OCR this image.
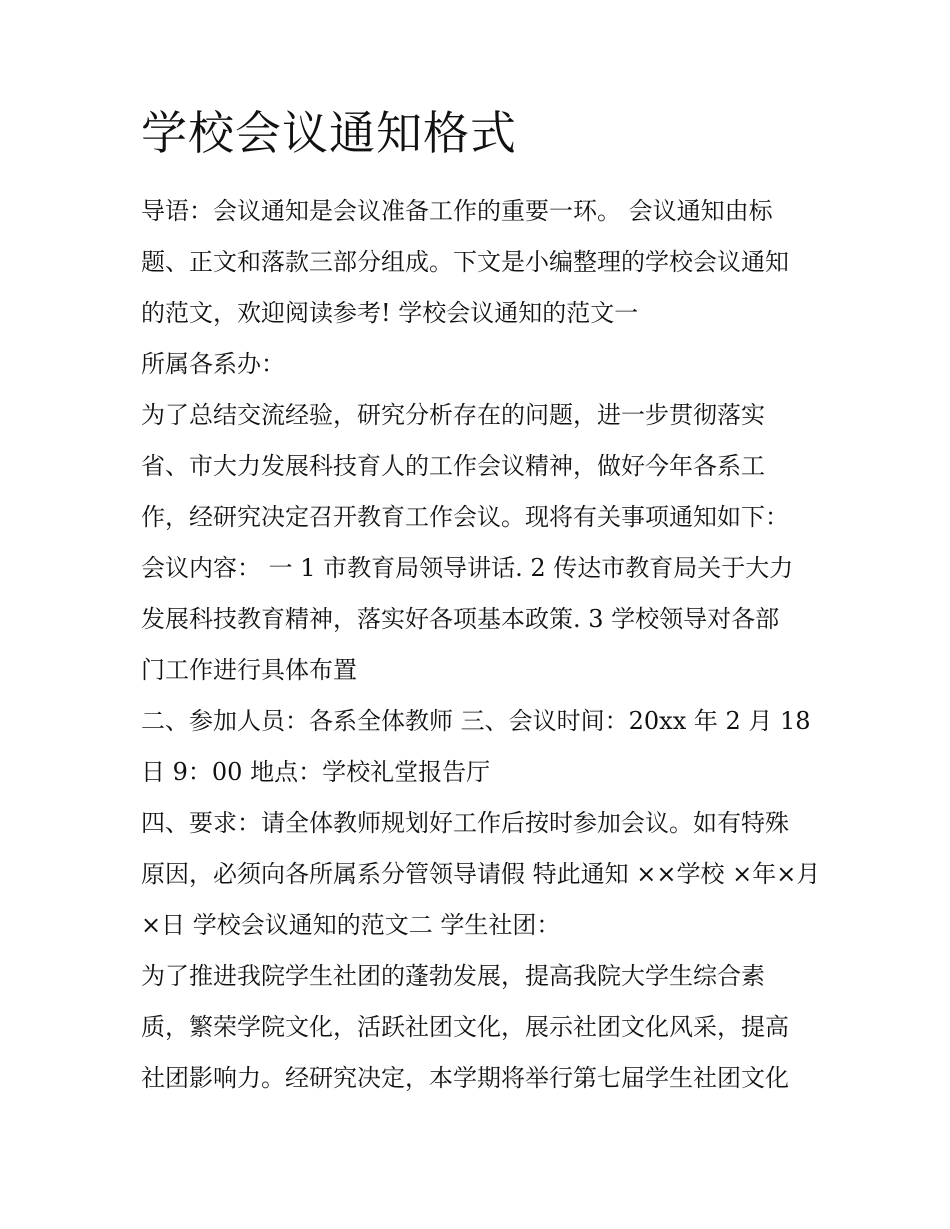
学校会议通知格式

导语：会议通知是会议准备工作的重要一环。 会议通知由标
题、正文和落款三部分组成。下文是小编整理的学校会议通知
的范文，欢迎阅读参考! 学校会议通知的范文一

所属各系办：

为了总结交流经验，研究分析存在的问题，进一步贯彻落实
省、市大力发展科技育人的工作会议精神，做好今年各系工
作，经研究决定召开教育工作会议。现将有关事项通知如下：

会议内容： 一 1 市教育局领导讲话. 2 传达市教育局关于大力
发展科技教育精神，落实好各项基本政策. 3 学校领导对各部
门工作进行具体布置

二、参加人员：各系全体教师 三、会议时间：20xx 年 2 月 18
日 9：00 地点：学校礼堂报告厅

四、要求：请全体教师规划好工作后按时参加会议。如有特殊
原因，必须向各所属系分管领导请假 特此通知 ××学校 ×年×月
×日 学校会议通知的范文二 学生社团：

为了推进我院学生社团的蓬勃发展，提高我院大学生综合素
质，繁荣学院文化，活跃社团文化，展示社团文化风采，提高
社团影响力。经研究决定，本学期将举行第七届学生社团文化
